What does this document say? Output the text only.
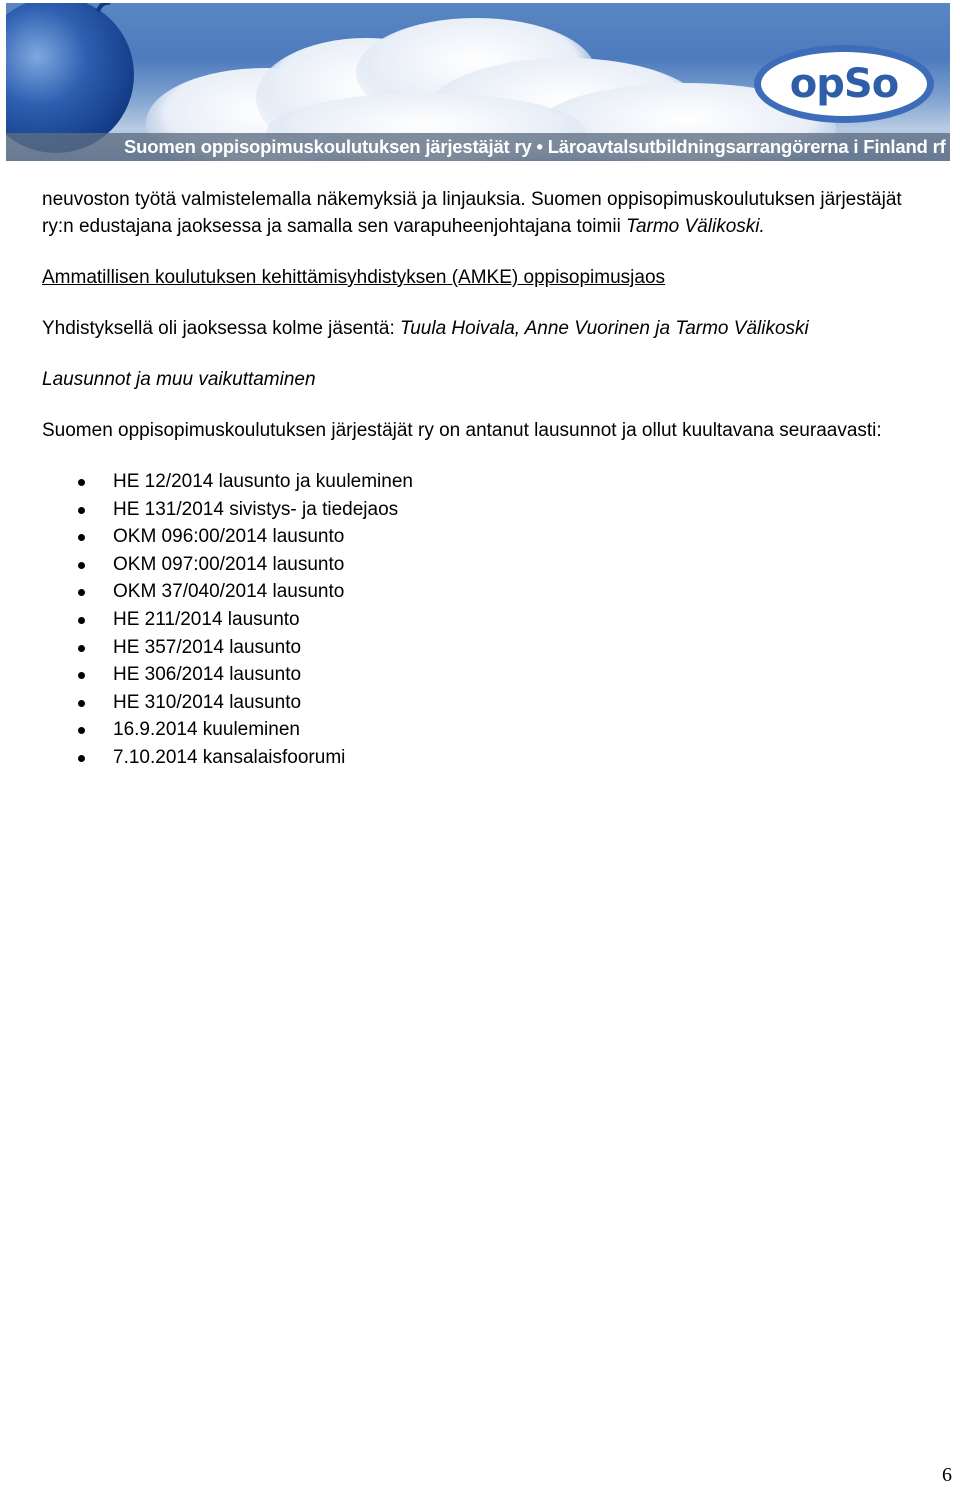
opSo
Suomen oppisopimuskoulutuksen järjestäjät ry • Läroavtalsutbildningsarrangörerna i Finland rf

neuvoston työtä valmistelemalla näkemyksiä ja linjauksia. Suomen oppisopimuskoulutuksen järjestäjät ry:n edustajana jaoksessa ja samalla sen varapuheenjohtajana toimii Tarmo Välikoski.

Ammatillisen koulutuksen kehittämisyhdistyksen (AMKE) oppisopimusjaos

Yhdistyksellä oli jaoksessa kolme jäsentä: Tuula Hoivala, Anne Vuorinen ja Tarmo Välikoski

Lausunnot ja muu vaikuttaminen

Suomen oppisopimuskoulutuksen järjestäjät ry on antanut lausunnot ja ollut kuultavana seuraavasti:

HE 12/2014 lausunto ja kuuleminen
HE 131/2014 sivistys- ja tiedejaos
OKM 096:00/2014 lausunto
OKM 097:00/2014 lausunto
OKM 37/040/2014 lausunto
HE 211/2014 lausunto
HE 357/2014 lausunto
HE 306/2014 lausunto
HE 310/2014 lausunto
16.9.2014 kuuleminen
7.10.2014 kansalaisfoorumi
6
